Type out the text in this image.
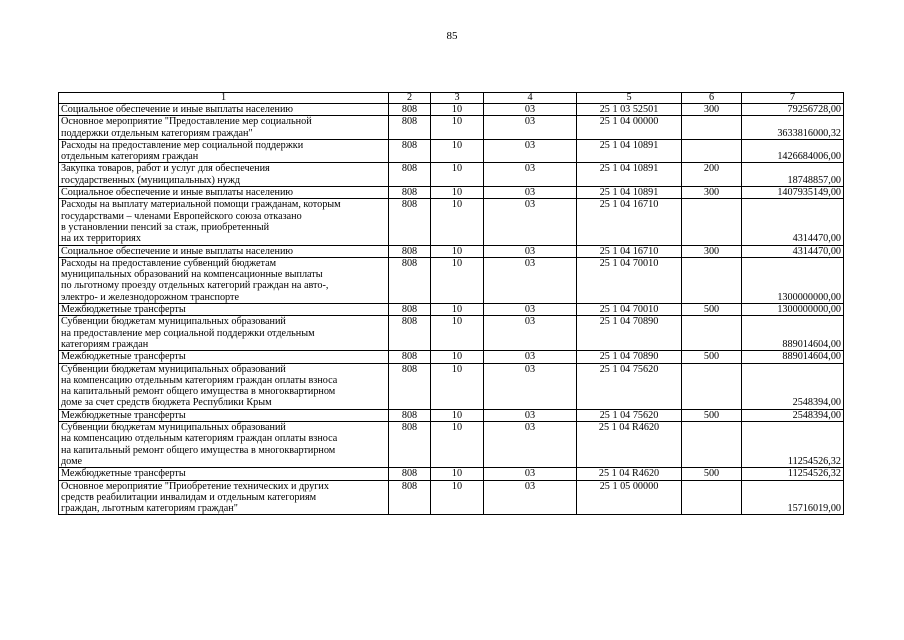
85
1	2	3	4	5	6	7

Социальное обеспечение и иные выплаты населению	808	10	03	25 1 03 52501	300	79256728,00

Основное мероприятие "Предоставление мер социальной
поддержки отдельным категориям граждан"	808	10	03	25 1 04 00000		3633816000,32

Расходы на предоставление мер социальной поддержки
отдельным категориям граждан	808	10	03	25 1 04 10891		1426684006,00

Закупка товаров, работ и услуг для обеспечения
государственных (муниципальных) нужд	808	10	03	25 1 04 10891	200	18748857,00

Социальное обеспечение и иные выплаты населению	808	10	03	25 1 04 10891	300	1407935149,00

Расходы на выплату материальной помощи гражданам, которым
государствами – членами Европейского союза отказано
в установлении пенсий за стаж, приобретенный
на их территориях	808	10	03	25 1 04 16710		4314470,00

Социальное обеспечение и иные выплаты населению	808	10	03	25 1 04 16710	300	4314470,00

Расходы на предоставление субвенций бюджетам
муниципальных образований на компенсационные выплаты
по льготному проезду отдельных категорий граждан на авто-,
электро- и железнодорожном транспорте	808	10	03	25 1 04 70010		1300000000,00

Межбюджетные трансферты	808	10	03	25 1 04 70010	500	1300000000,00

Субвенции бюджетам муниципальных образований
на предоставление мер социальной поддержки отдельным
категориям граждан	808	10	03	25 1 04 70890		889014604,00

Межбюджетные трансферты	808	10	03	25 1 04 70890	500	889014604,00

Субвенции бюджетам муниципальных образований
на компенсацию отдельным категориям граждан оплаты взноса
на капитальный ремонт общего имущества в многоквартирном
доме за счет средств бюджета Республики Крым	808	10	03	25 1 04 75620		2548394,00

Межбюджетные трансферты	808	10	03	25 1 04 75620	500	2548394,00

Субвенции бюджетам муниципальных образований
на компенсацию отдельным категориям граждан оплаты взноса
на капитальный ремонт общего имущества в многоквартирном
доме	808	10	03	25 1 04 R4620		11254526,32

Межбюджетные трансферты	808	10	03	25 1 04 R4620	500	11254526,32

Основное мероприятие "Приобретение технических и других
средств реабилитации инвалидам и отдельным категориям
граждан, льготным категориям граждан"	808	10	03	25 1 05 00000		15716019,00
